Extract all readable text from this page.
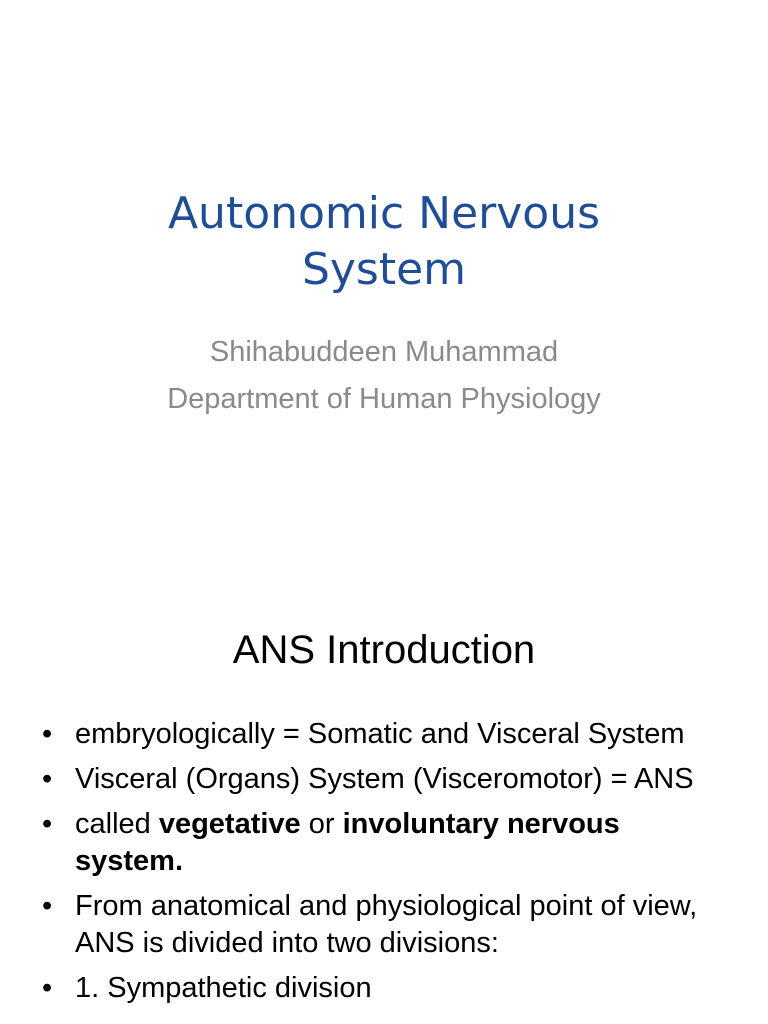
Autonomic Nervous
System
Shihabuddeen Muhammad
Department of Human Physiology
ANS Introduction
• embryologically = Somatic and Visceral System
• Visceral (Organs) System (Visceromotor) = ANS
• called vegetative or involuntary nervous system.
• From anatomical and physiological point of view, ANS is divided into two divisions:
• 1. Sympathetic division
